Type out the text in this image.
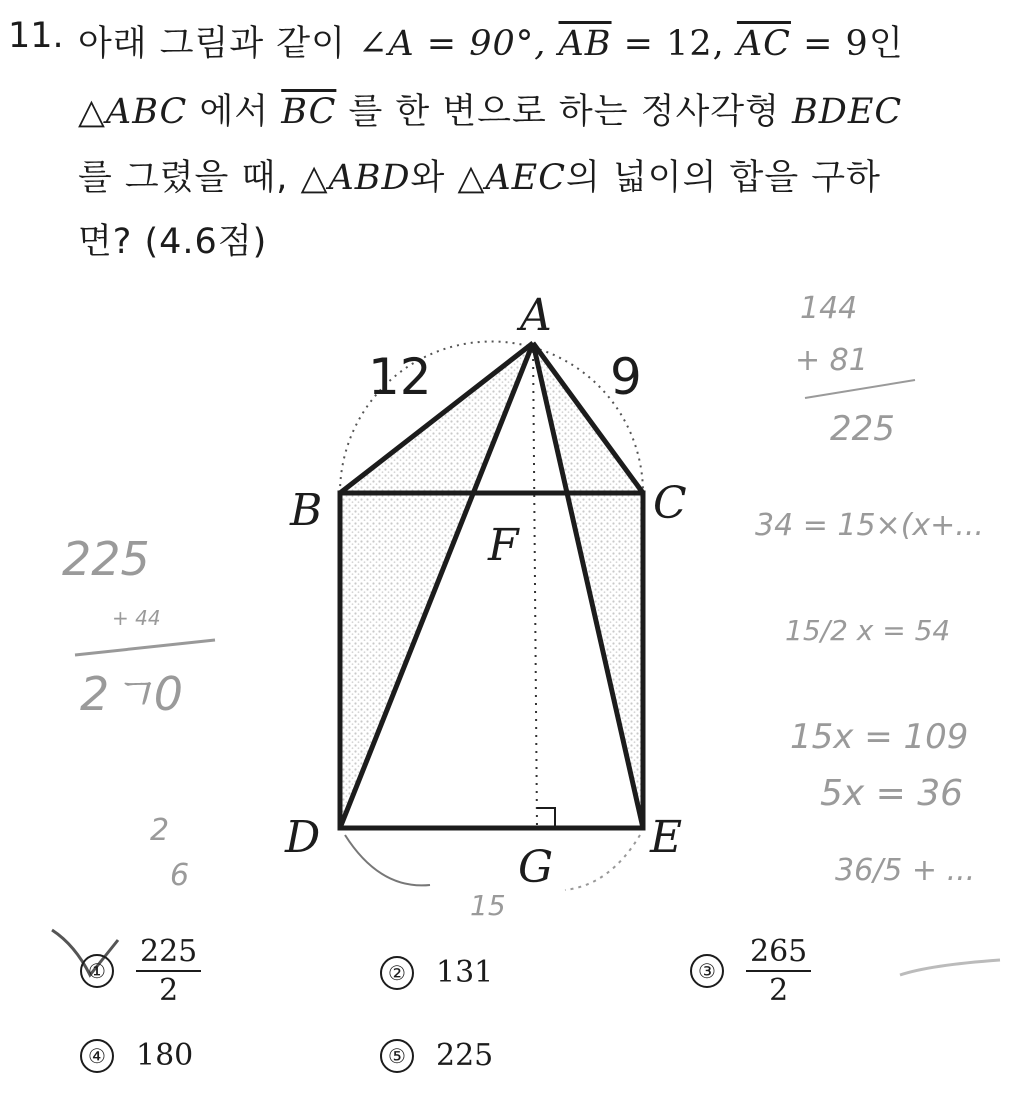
11. 아래 그림과 같이 ∠A = 90°, $\overline{AB} = 12$, $\overline{AC} = 9$인
△ABC 에서 $\overline{BC}$ 를 한 변으로 하는 정사각형 BDEC
를 그렸을 때, △ABD와 △AEC의 넓이의 합을 구하
면? (4.6점)
A
B	C
D	E
F
G
12	9
144
+ 81
225
34 = 15×(x+...
15/2 x = 54
15x = 109
5x = 36
36/5 + ...
225
+ 44
2ㄱ0
2
6
15
① $\frac{225}{2}$	② 131	③ $\frac{265}{2}$
④ 180	⑤ 225
